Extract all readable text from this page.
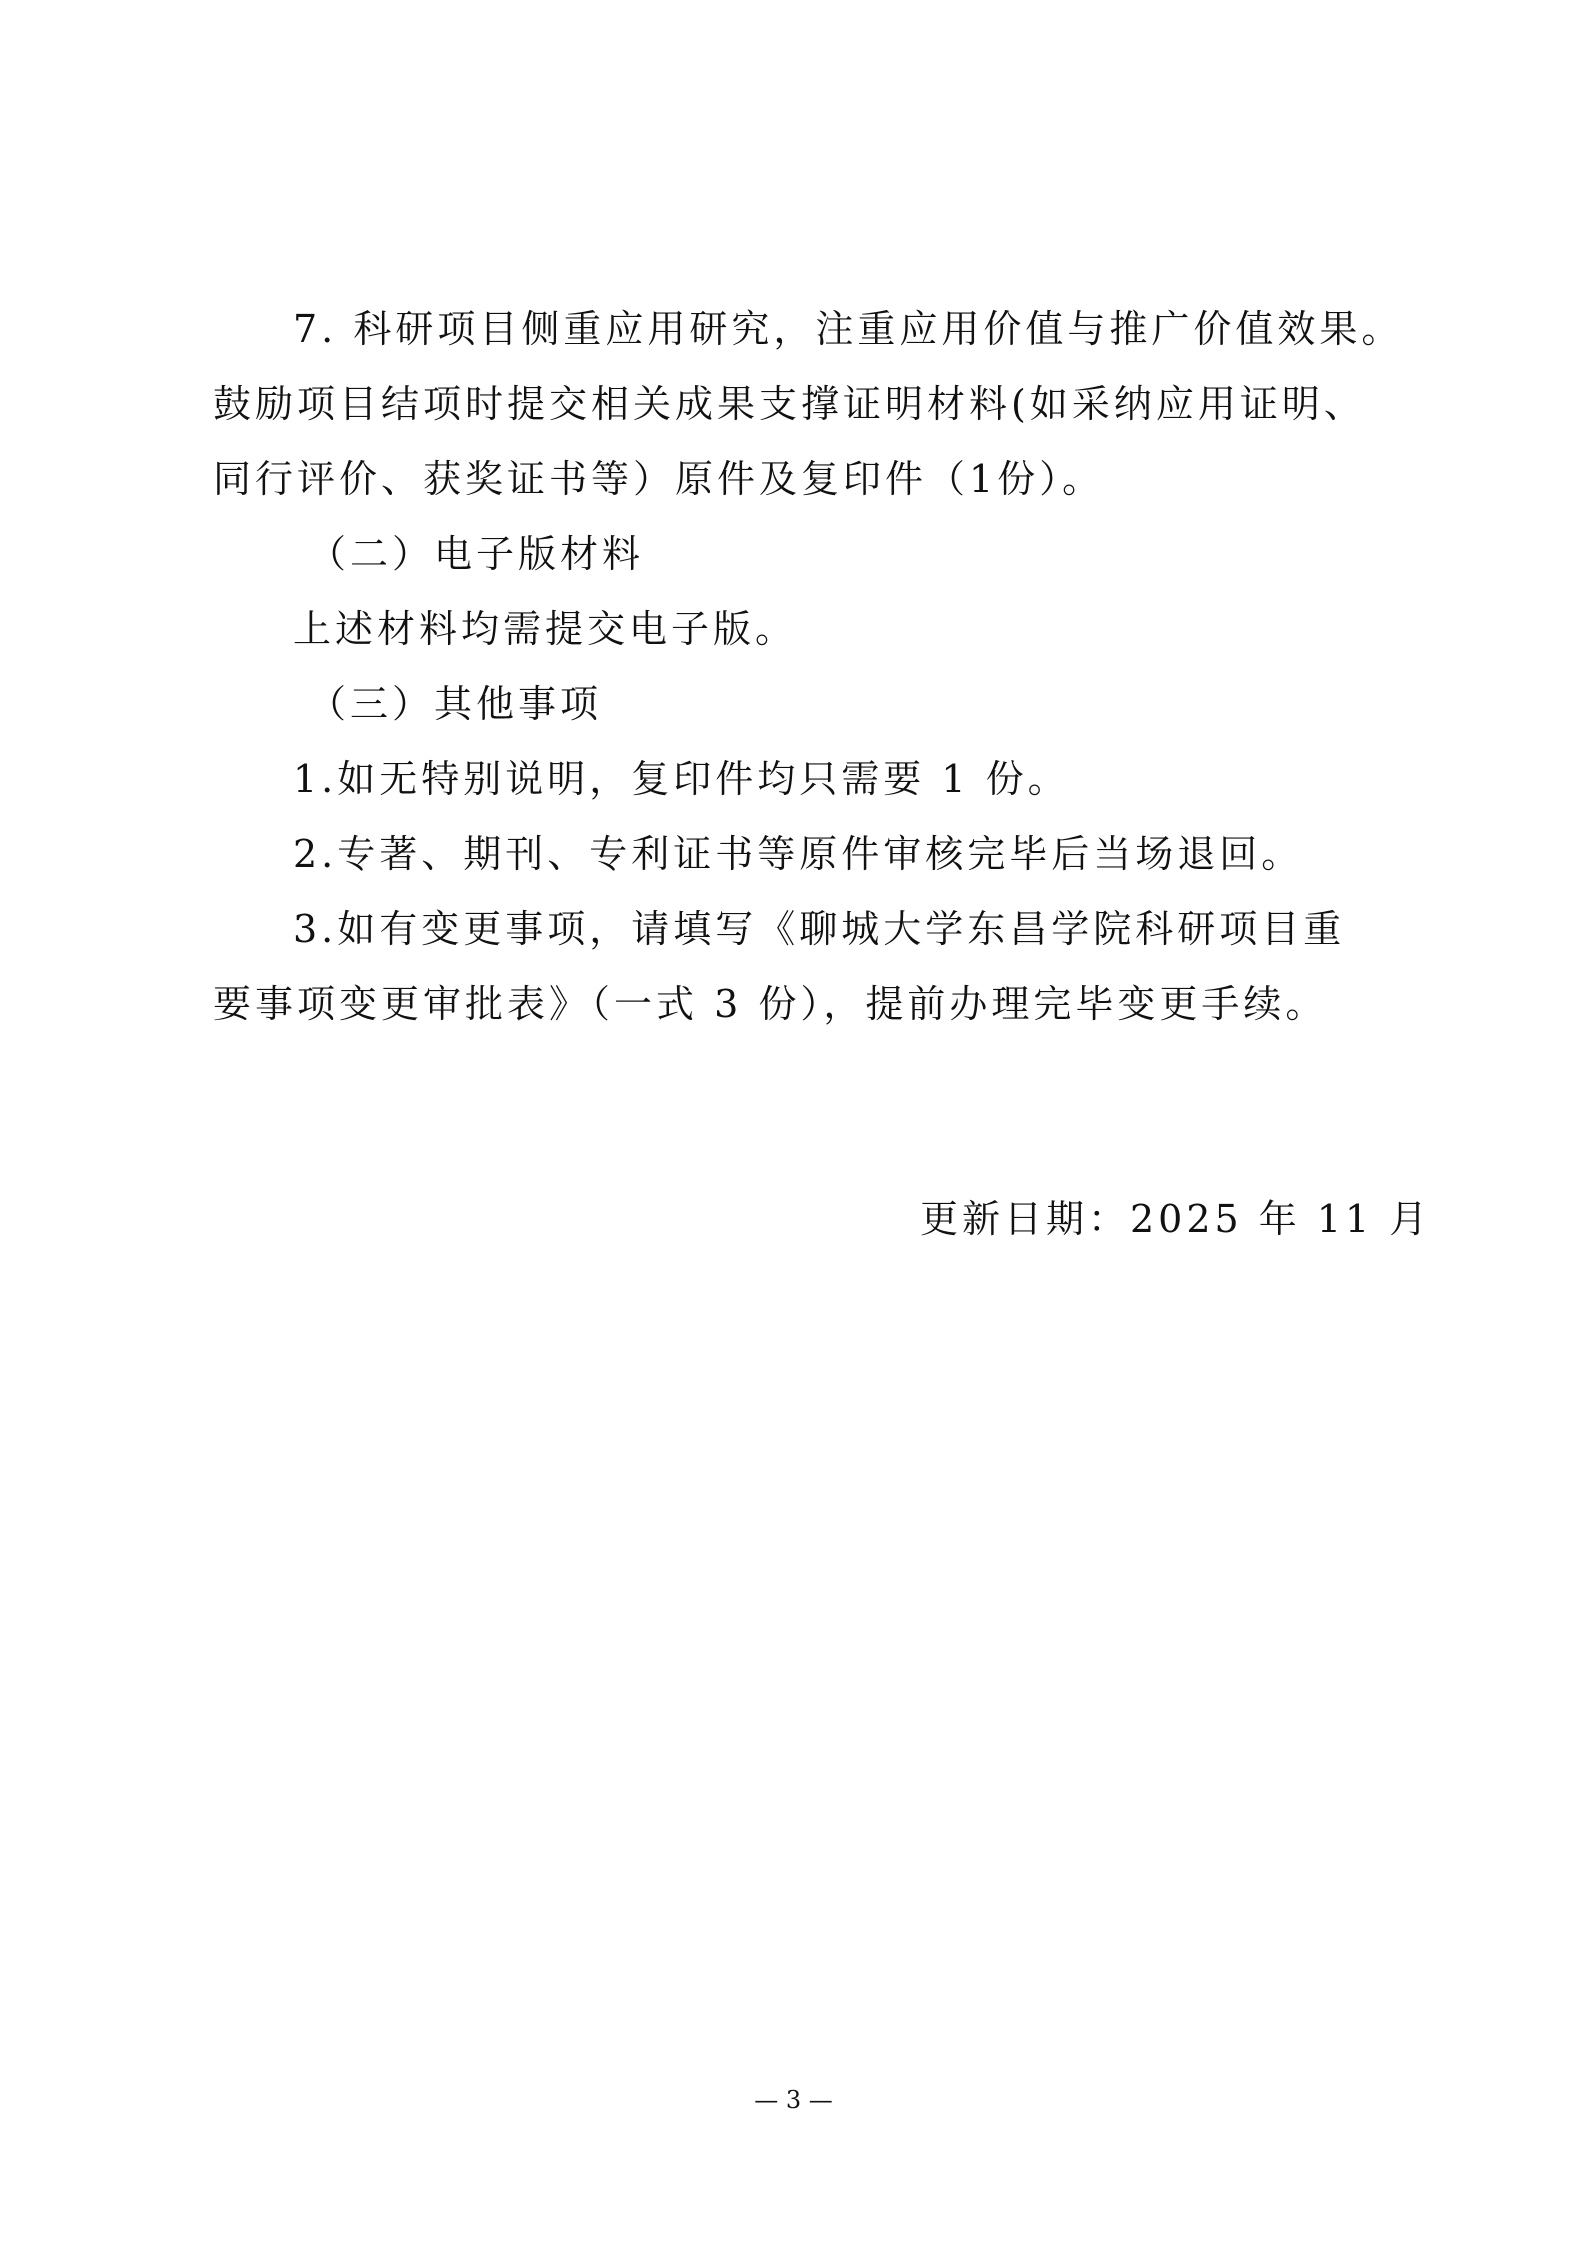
7. 科研项目侧重应用研究，注重应用价值与推广价值效果。
鼓励项目结项时提交相关成果支撑证明材料(如采纳应用证明、
同行评价、获奖证书等）原件及复印件（1份）。
（二）电子版材料
上述材料均需提交电子版。
（三）其他事项
1.如无特别说明，复印件均只需要 1 份。
2.专著、期刊、专利证书等原件审核完毕后当场退回。
3.如有变更事项，请填写《聊城大学东昌学院科研项目重
要事项变更审批表》（一式 3 份），提前办理完毕变更手续。
更新日期：2025 年 11 月
— 3 —
